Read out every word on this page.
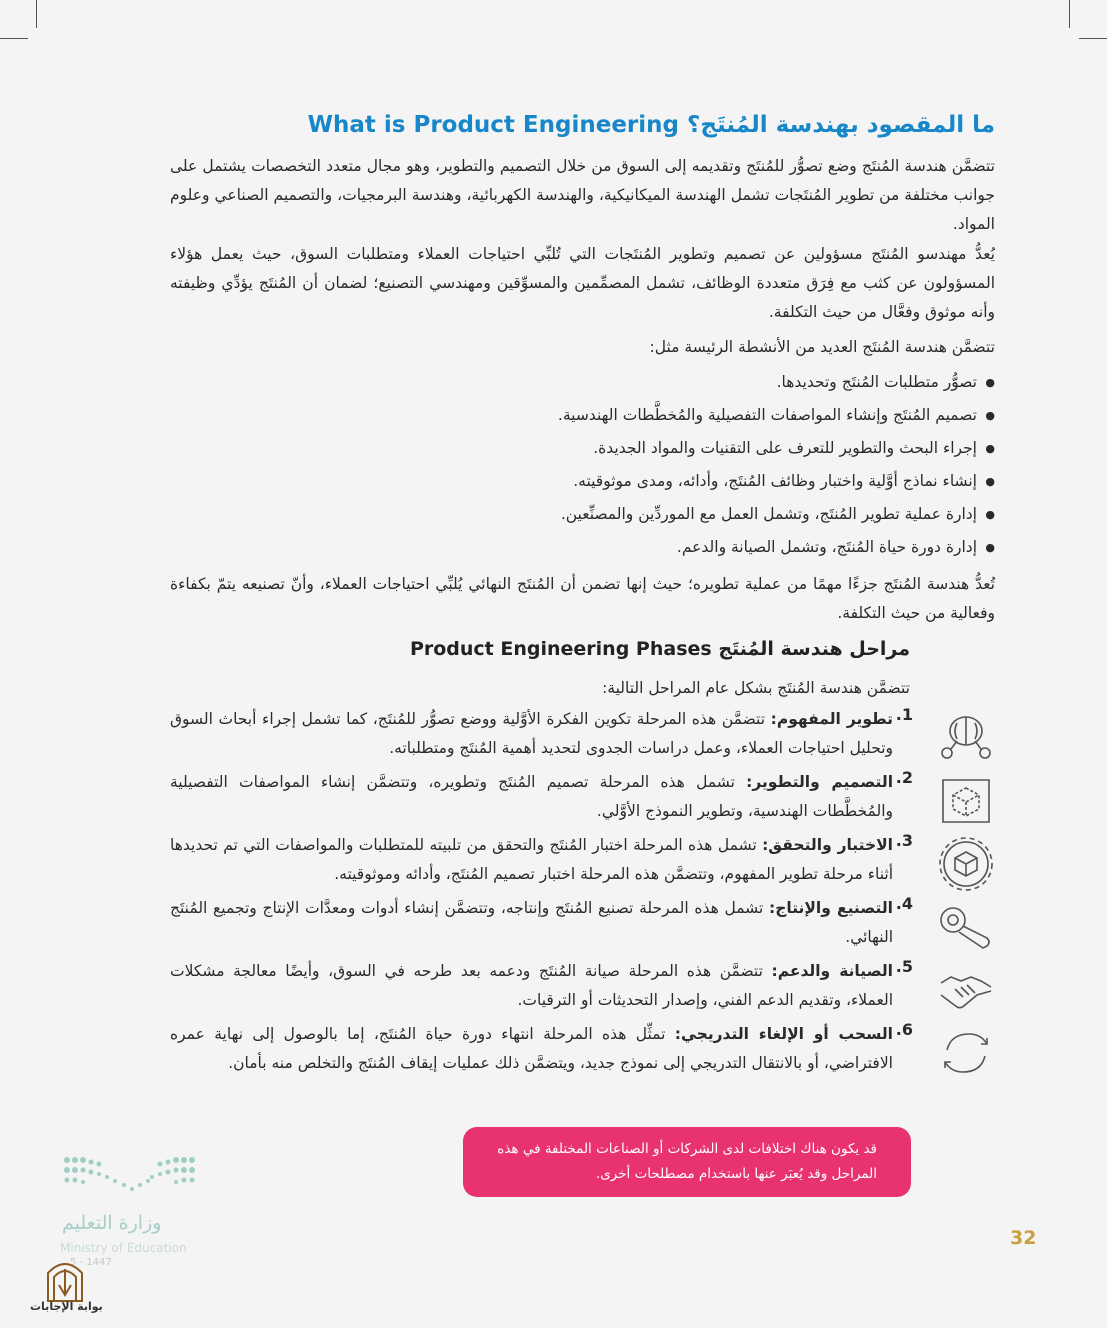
ما المقصود بهندسة المُنتَج؟ What is Product Engineering
تتضمَّن هندسة المُنتَج وضع تصوُّر للمُنتَج وتقديمه إلى السوق من خلال التصميم والتطوير، وهو مجال متعدد التخصصات يشتمل على جوانب مختلفة من تطوير المُنتَجات تشمل الهندسة الميكانيكية، والهندسة الكهربائية، وهندسة البرمجيات، والتصميم الصناعي وعلوم المواد.
يُعدُّ مهندسو المُنتَج مسؤولين عن تصميم وتطوير المُنتَجات التي تُلبِّي احتياجات العملاء ومتطلبات السوق، حيث يعمل هؤلاء المسؤولون عن كثب مع فِرَق متعددة الوظائف، تشمل المصمِّمين والمسوِّقين ومهندسي التصنيع؛ لضمان أن المُنتَج يؤدِّي وظيفته وأنه موثوق وفعَّال من حيث التكلفة.
تتضمَّن هندسة المُنتَج العديد من الأنشطة الرئيسة مثل:
● تصوُّر متطلبات المُنتَج وتحديدها.
● تصميم المُنتَج وإنشاء المواصفات التفصيلية والمُخطَّطات الهندسية.
● إجراء البحث والتطوير للتعرف على التقنيات والمواد الجديدة.
● إنشاء نماذج أوَّلية واختبار وظائف المُنتَج، وأدائه، ومدى موثوقيته.
● إدارة عملية تطوير المُنتَج، وتشمل العمل مع الموردِّين والمصنِّعين.
● إدارة دورة حياة المُنتَج، وتشمل الصيانة والدعم.
تُعدُّ هندسة المُنتَج جزءًا مهمًا من عملية تطويره؛ حيث إنها تضمن أن المُنتَج النهائي يُلبِّي احتياجات العملاء، وأنّ تصنيعه يتمّ بكفاءة وفعالية من حيث التكلفة.
مراحل هندسة المُنتَج Product Engineering Phases
تتضمَّن هندسة المُنتَج بشكل عام المراحل التالية:
1.
تطوير المفهوم: تتضمَّن هذه المرحلة تكوين الفكرة الأوَّلية ووضع تصوُّر للمُنتَج، كما تشمل إجراء أبحاث السوق وتحليل احتياجات العملاء، وعمل دراسات الجدوى لتحديد أهمية المُنتَج ومتطلباته.
2.
التصميم والتطوير: تشمل هذه المرحلة تصميم المُنتَج وتطويره، وتتضمَّن إنشاء المواصفات التفصيلية والمُخطَّطات الهندسية، وتطوير النموذج الأوَّلي.
3.
الاختبار والتحقق: تشمل هذه المرحلة اختبار المُنتَج والتحقق من تلبيته للمتطلبات والمواصفات التي تم تحديدها أثناء مرحلة تطوير المفهوم، وتتضمَّن هذه المرحلة اختبار تصميم المُنتَج، وأدائه وموثوقيته.
4.
التصنيع والإنتاج: تشمل هذه المرحلة تصنيع المُنتَج وإنتاجه، وتتضمَّن إنشاء أدوات ومعدَّات الإنتاج وتجميع المُنتَج النهائي.
5.
الصيانة والدعم: تتضمَّن هذه المرحلة صيانة المُنتَج ودعمه بعد طرحه في السوق، وأيضًا معالجة مشكلات العملاء، وتقديم الدعم الفني، وإصدار التحديثات أو الترقيات.
6.
السحب أو الإلغاء التدريجي: تمثِّل هذه المرحلة انتهاء دورة حياة المُنتَج، إما بالوصول إلى نهاية عمره الافتراضي، أو بالانتقال التدريجي إلى نموذج جديد، ويتضمَّن ذلك عمليات إيقاف المُنتَج والتخلص منه بأمان.
قد يكون هناك اختلافات لدى الشركات أو الصناعات المختلفة في هذه المراحل وقد يُعبَر عنها باستخدام مصطلحات أخرى.
32
وزارة التعليم
Ministry of Education
5 - 1447
بوابة الإجابات
